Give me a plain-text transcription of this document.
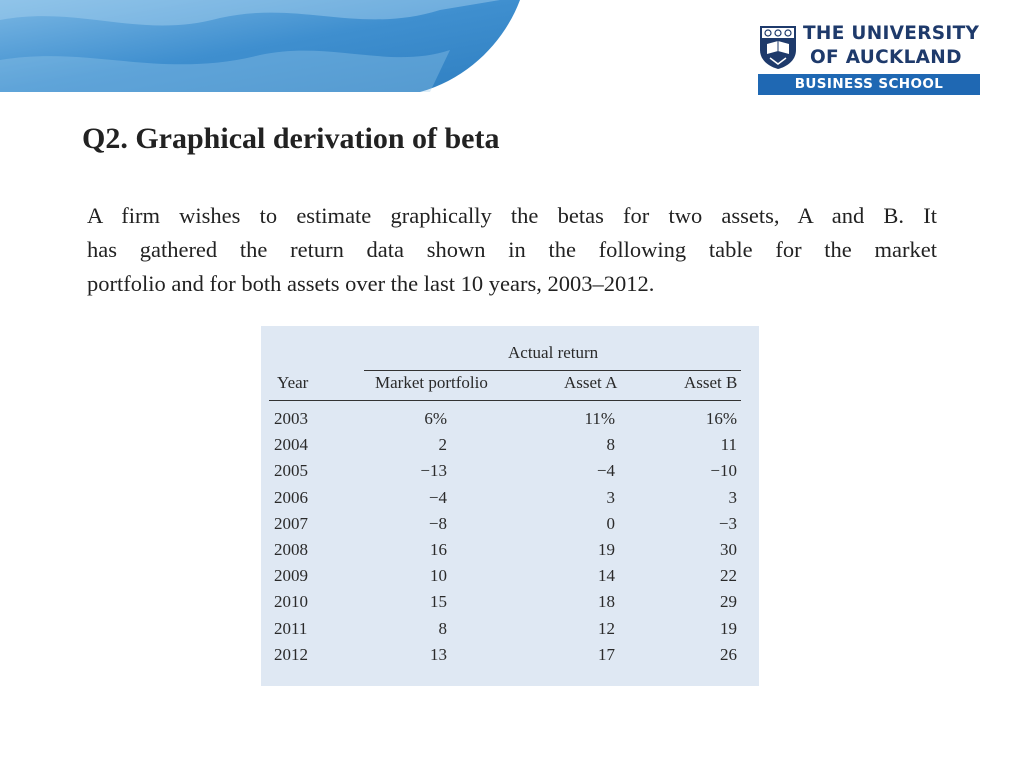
THE UNIVERSITY
OF AUCKLAND
BUSINESS SCHOOL
Q2. Graphical derivation of beta

A firm wishes to estimate graphically the betas for two assets, A and B. It
has gathered the return data shown in the following table for the market
portfolio and for both assets over the last 10 years, 2003–2012.

Actual return
Year	Market portfolio	Asset A	Asset B
2003	6%	11%	16%
2004	2	8	11
2005	−13	−4	−10
2006	−4	3	3
2007	−8	0	−3
2008	16	19	30
2009	10	14	22
2010	15	18	29
2011	8	12	19
2012	13	17	26
